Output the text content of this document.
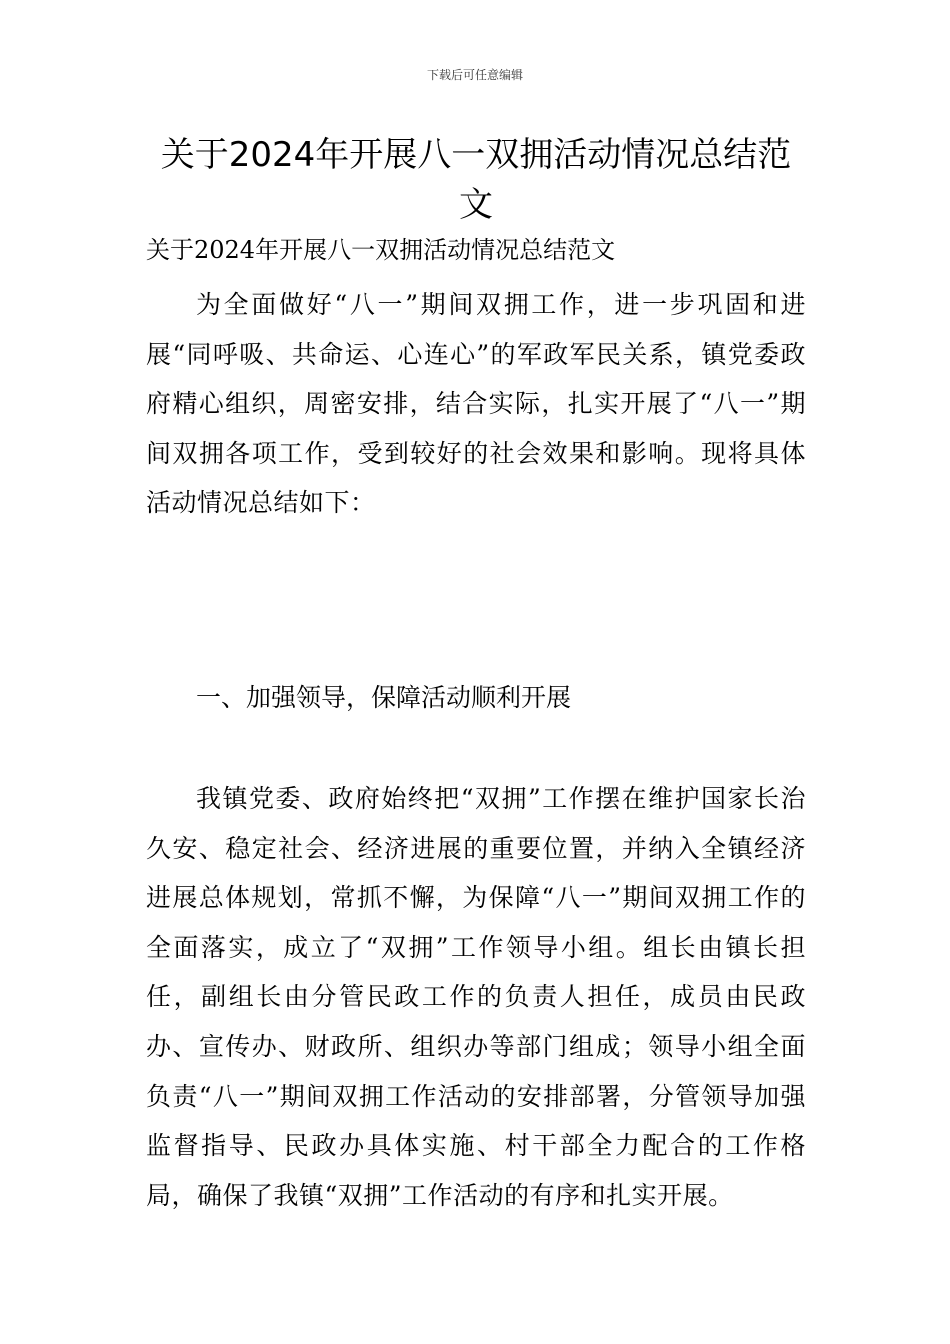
下载后可任意编辑
关于2024年开展八一双拥活动情况总结范文

关于2024年开展八一双拥活动情况总结范文

为全面做好“八一”期间双拥工作，进一步巩固和进展“同呼吸、共命运、心连心”的军政军民关系，镇党委政府精心组织，周密安排，结合实际，扎实开展了“八一”期间双拥各项工作，受到较好的社会效果和影响。现将具体活动情况总结如下：

一、加强领导，保障活动顺利开展

我镇党委、政府始终把“双拥”工作摆在维护国家长治久安、稳定社会、经济进展的重要位置，并纳入全镇经济进展总体规划，常抓不懈，为保障“八一”期间双拥工作的全面落实，成立了“双拥”工作领导小组。组长由镇长担任，副组长由分管民政工作的负责人担任，成员由民政办、宣传办、财政所、组织办等部门组成；领导小组全面负责“八一”期间双拥工作活动的安排部署，分管领导加强监督指导、民政办具体实施、村干部全力配合的工作格局，确保了我镇“双拥”工作活动的有序和扎实开展。
